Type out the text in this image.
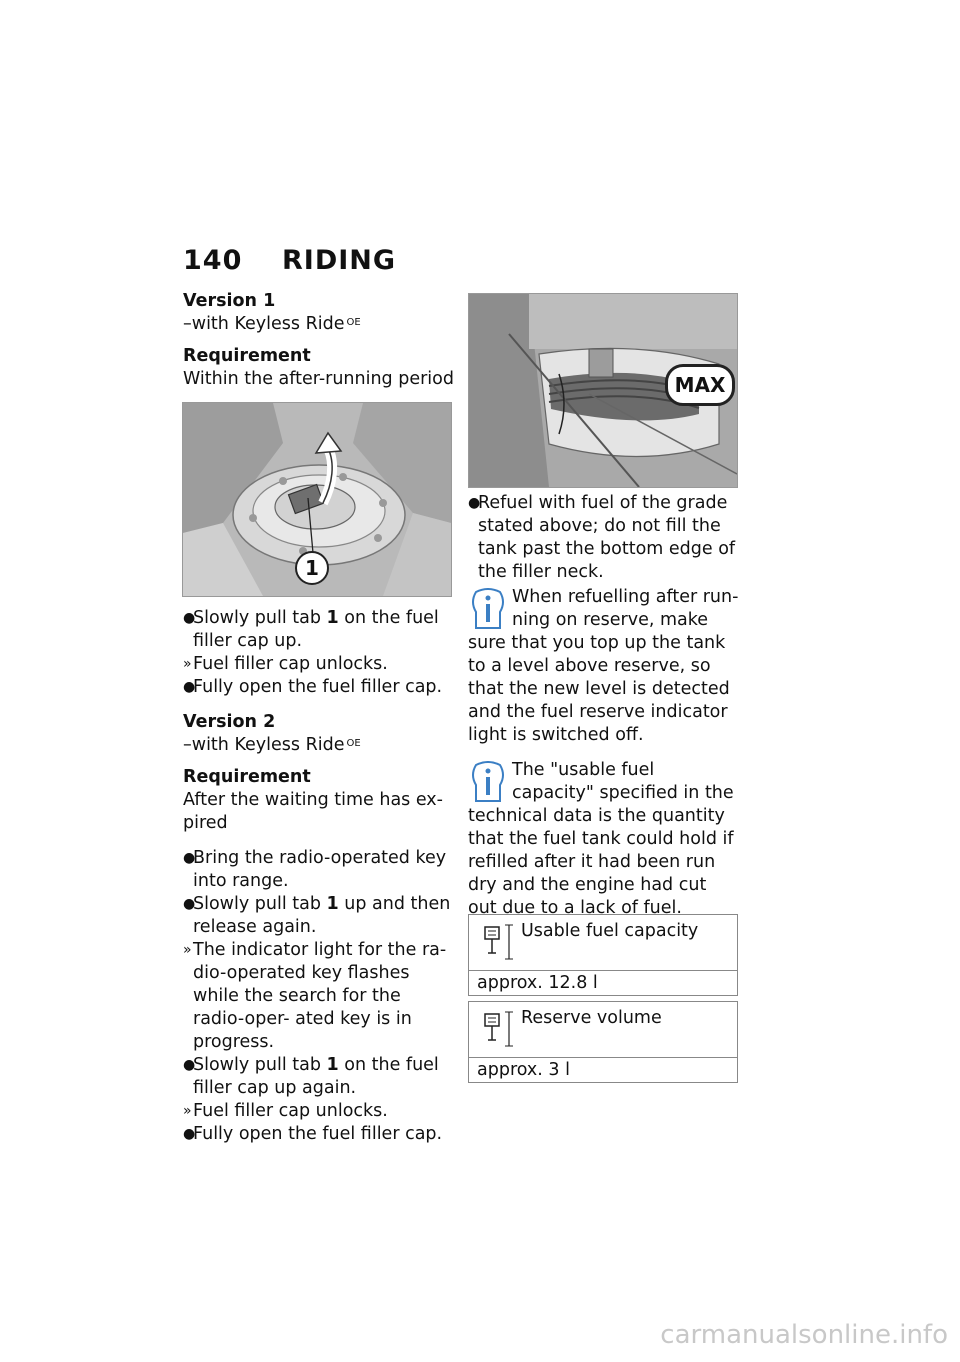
140 RIDING

Version 1

–with Keyless Ride $^{OE}$

Requirement

Within the after-running period

●
Slowly pull tab 1 on the fuel filler cap up.
» Fuel filler cap unlocks.
●
Fully open the fuel filler cap.

Version 2

–with Keyless Ride $^{OE}$

Requirement

After the waiting time has ex- pired

●
Bring the radio-operated key into range.
●
Slowly pull tab 1 up and then release again.
» The indicator light for the ra- dio-operated key flashes while the search for the radio-oper- ated key is in progress.
●
Slowly pull tab 1 on the fuel filler cap up again.
» Fuel filler cap unlocks.
●
Fully open the fuel filler cap.
1
MAX
●
Refuel with fuel of the grade stated above; do not fill the tank past the bottom edge of the filler neck.
When refuelling after run- ning on reserve, make sure that you top up the tank to a level above reserve, so that the new level is detected and the fuel reserve indicator light is switched off.
The "usable fuel capacity" specified in the technical data is the quantity that the fuel tank could hold if refilled after it had been run dry and the engine had cut out due to a lack of fuel.
Usable fuel capacity
approx. 12.8 l
Reserve volume
approx. 3 l
carmanualsonline.info
